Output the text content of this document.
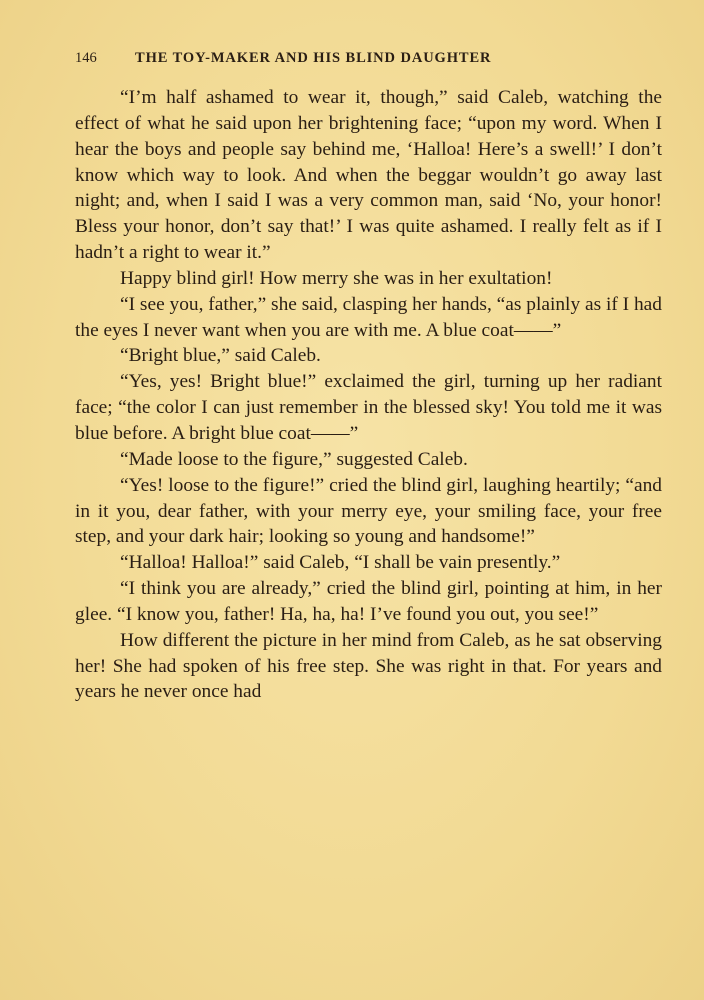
146	THE TOY-MAKER AND HIS BLIND DAUGHTER

“I’m half ashamed to wear it, though,” said Caleb, watching the effect of what he said upon her brightening face; “upon my word. When I hear the boys and people say behind me, ‘Halloa! Here’s a swell!’ I don’t know which way to look. And when the beggar wouldn’t go away last night; and, when I said I was a very common man, said ‘No, your honor! Bless your honor, don’t say that!’ I was quite ashamed. I really felt as if I hadn’t a right to wear it.”

Happy blind girl! How merry she was in her exultation!

“I see you, father,” she said, clasping her hands, “as plainly as if I had the eyes I never want when you are with me. A blue coat——”

“Bright blue,” said Caleb.

“Yes, yes! Bright blue!” exclaimed the girl, turning up her radiant face; “the color I can just remember in the blessed sky! You told me it was blue before. A bright blue coat——”

“Made loose to the figure,” suggested Caleb.

“Yes! loose to the figure!” cried the blind girl, laughing heartily; “and in it you, dear father, with your merry eye, your smiling face, your free step, and your dark hair; looking so young and handsome!”

“Halloa! Halloa!” said Caleb, “I shall be vain presently.”

“I think you are already,” cried the blind girl, pointing at him, in her glee. “I know you, father! Ha, ha, ha! I’ve found you out, you see!”

How different the picture in her mind from Caleb, as he sat observing her! She had spoken of his free step. She was right in that. For years and years he never once had
